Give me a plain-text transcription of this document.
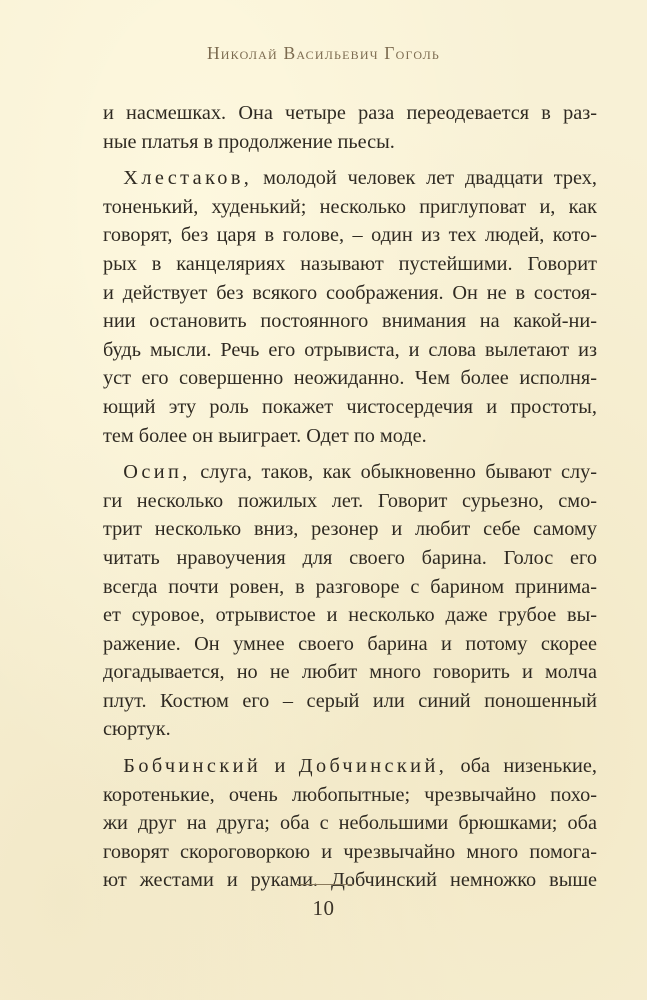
Николай Васильевич Гоголь
и насмешках. Она четыре раза переодевается в раз-
ные платья в продолжение пьесы.
 Хлестаков, молодой человек лет двадцати трех,
тоненький, худенький; несколько приглуповат и, как
говорят, без царя в голове, – один из тех людей, кото-
рых в канцеляриях называют пустейшими. Говорит
и действует без всякого соображения. Он не в состоя-
нии остановить постоянного внимания на какой-ни-
будь мысли. Речь его отрывиста, и слова вылетают из
уст его совершенно неожиданно. Чем более исполня-
ющий эту роль покажет чистосердечия и простоты,
тем более он выиграет. Одет по моде.
 Осип, слуга, таков, как обыкновенно бывают слу-
ги несколько пожилых лет. Говорит сурьезно, смо-
трит несколько вниз, резонер и любит себе самому
читать нравоучения для своего барина. Голос его
всегда почти ровен, в разговоре с барином принима-
ет суровое, отрывистое и несколько даже грубое вы-
ражение. Он умнее своего барина и потому скорее
догадывается, но не любит много говорить и молча
плут. Костюм его – серый или синий поношенный
сюртук.
 Бобчинский и Добчинский, оба низенькие,
коротенькие, очень любопытные; чрезвычайно похо-
жи друг на друга; оба с небольшими брюшками; оба
говорят скороговоркою и чрезвычайно много помога-
ют жестами и руками. Добчинский немножко выше
10
